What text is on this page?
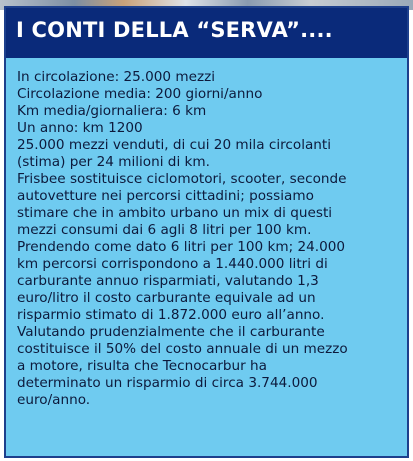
I CONTI DELLA “SERVA”....
In circolazione: 25.000 mezzi
Circolazione media: 200 giorni/anno
Km media/giornaliera: 6 km
Un anno: km 1200
25.000 mezzi venduti, di cui 20 mila circolanti
(stima) per 24 milioni di km.
Frisbee sostituisce ciclomotori, scooter, seconde
autovetture nei percorsi cittadini; possiamo
stimare che in ambito urbano un mix di questi
mezzi consumi dai 6 agli 8 litri per 100 km.
Prendendo come dato 6 litri per 100 km; 24.000
km percorsi corrispondono a 1.440.000 litri di
carburante annuo risparmiati, valutando 1,3
euro/litro il costo carburante equivale ad un
risparmio stimato di 1.872.000 euro all’anno.
Valutando prudenzialmente che il carburante
costituisce il 50% del costo annuale di un mezzo
a motore, risulta che Tecnocarbur ha
determinato un risparmio di circa 3.744.000
euro/anno.
